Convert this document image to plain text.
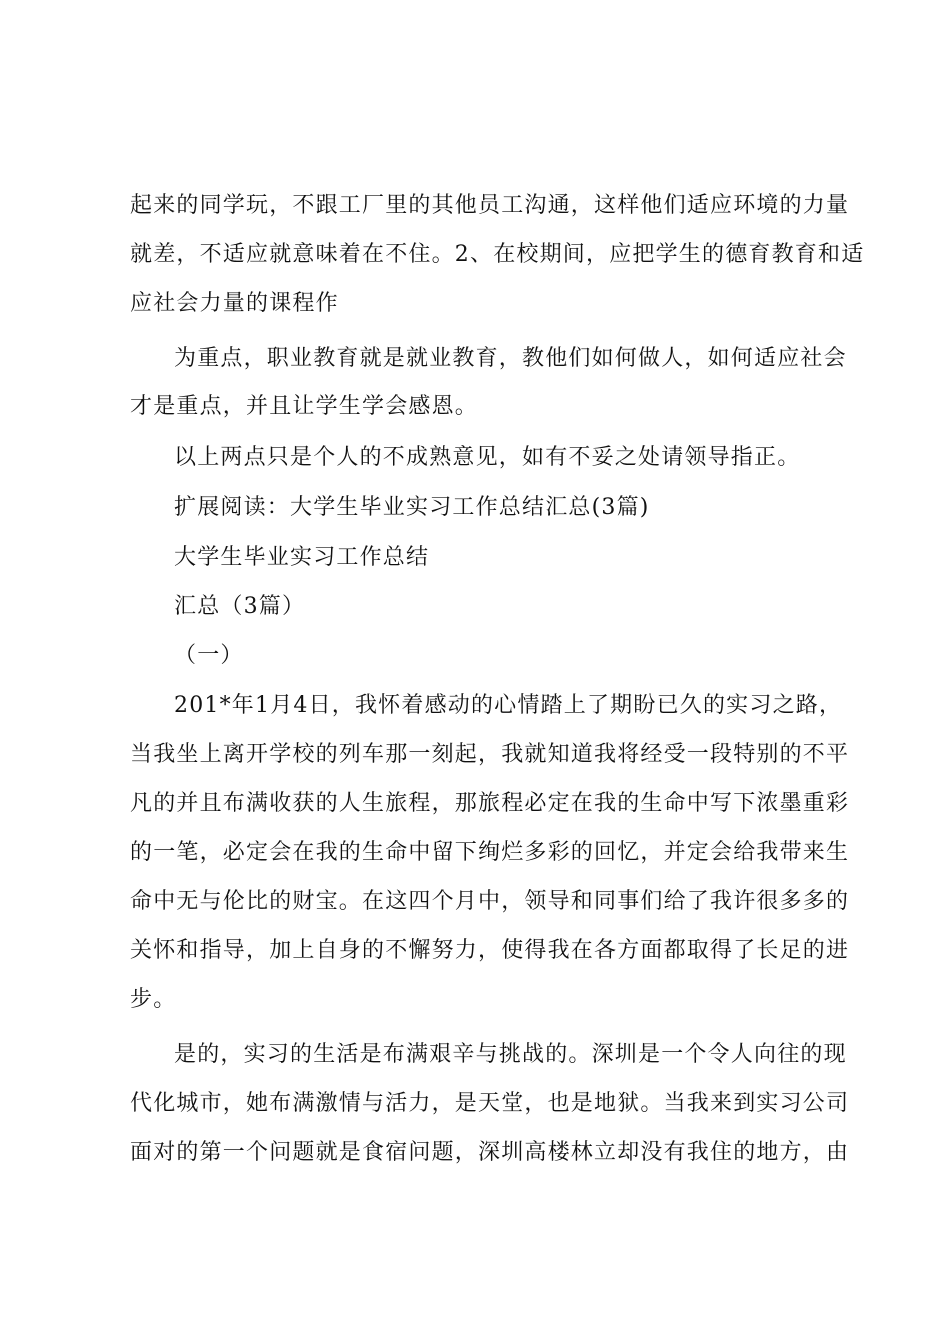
起来的同学玩，不跟工厂里的其他员工沟通，这样他们适应环境的力量
就差，不适应就意味着在不住。2、在校期间，应把学生的德育教育和适
应社会力量的课程作
为重点，职业教育就是就业教育，教他们如何做人，如何适应社会
才是重点，并且让学生学会感恩。
以上两点只是个人的不成熟意见，如有不妥之处请领导指正。
扩展阅读：大学生毕业实习工作总结汇总(3篇)
大学生毕业实习工作总结
汇总（3篇）
（一）
201*年1月4日，我怀着感动的心情踏上了期盼已久的实习之路，
当我坐上离开学校的列车那一刻起，我就知道我将经受一段特别的不平
凡的并且布满收获的人生旅程，那旅程必定在我的生命中写下浓墨重彩
的一笔，必定会在我的生命中留下绚烂多彩的回忆，并定会给我带来生
命中无与伦比的财宝。在这四个月中，领导和同事们给了我许很多多的
关怀和指导，加上自身的不懈努力，使得我在各方面都取得了长足的进
步。
是的，实习的生活是布满艰辛与挑战的。深圳是一个令人向往的现
代化城市，她布满激情与活力，是天堂，也是地狱。当我来到实习公司
面对的第一个问题就是食宿问题，深圳高楼林立却没有我住的地方，由
